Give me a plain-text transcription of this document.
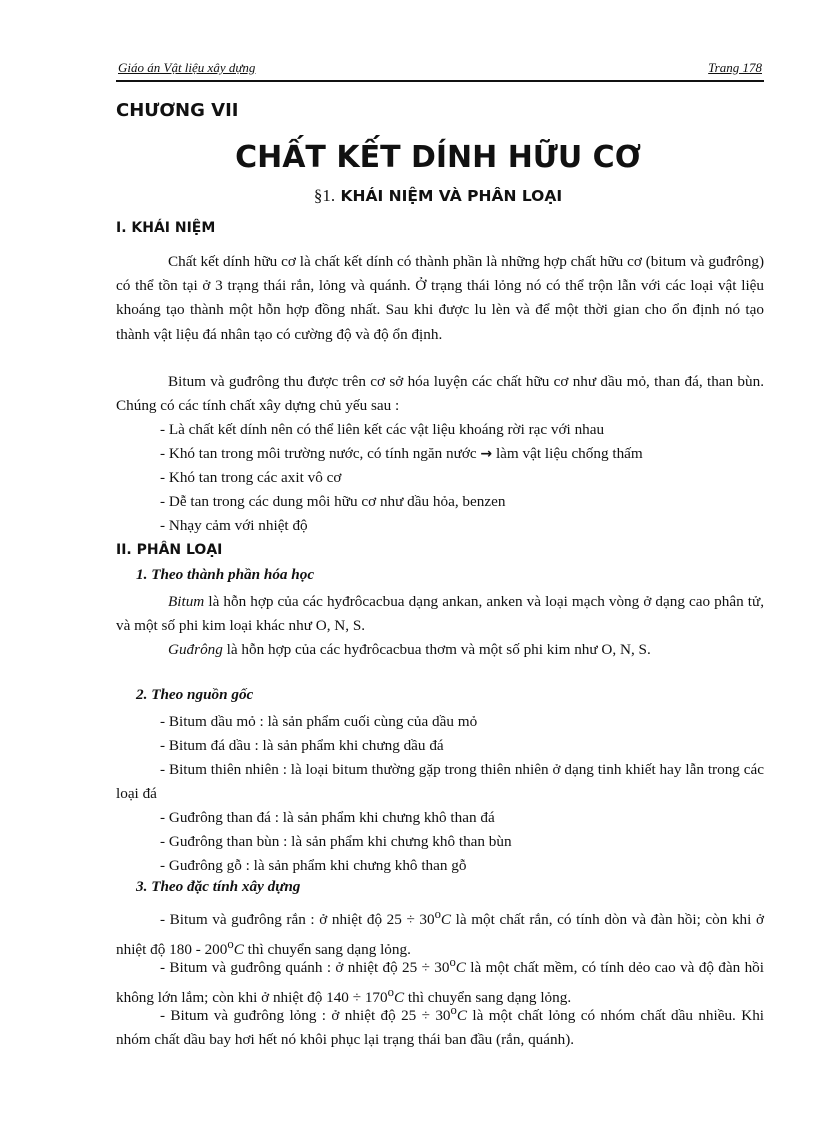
Giáo án Vật liệu xây dựng	Trang 178
CHƯƠNG VII
CHẤT KẾT DÍNH HỮU CƠ
§1. KHÁI NIỆM VÀ PHÂN LOẠI
I. KHÁI NIỆM

Chất kết dính hữu cơ là chất kết dính có thành phần là những hợp chất hữu cơ (bitum và guđrông) có thể tồn tại ở 3 trạng thái rắn, lỏng và quánh. Ở trạng thái lỏng nó có thể trộn lẫn với các loại vật liệu khoáng tạo thành một hỗn hợp đồng nhất. Sau khi được lu lèn và để một thời gian cho ổn định nó tạo thành vật liệu đá nhân tạo có cường độ và độ ổn định.

Bitum và guđrông thu được trên cơ sở hóa luyện các chất hữu cơ như dầu mỏ, than đá, than bùn. Chúng có các tính chất xây dựng chủ yếu sau :

- Là chất kết dính nên có thể liên kết các vật liệu khoáng rời rạc với nhau
- Khó tan trong môi trường nước, có tính ngăn nước → làm vật liệu chống thấm
- Khó tan trong các axit vô cơ
- Dễ tan trong các dung môi hữu cơ như dầu hỏa, benzen
- Nhạy cảm với nhiệt độ
II. PHÂN LOẠI
1. Theo thành phần hóa học

Bitum là hỗn hợp của các hyđrôcacbua dạng ankan, anken và loại mạch vòng ở dạng cao phân tử, và một số phi kim loại khác như O, N, S.

Guđrông là hỗn hợp của các hyđrôcacbua thơm và một số phi kim như O, N, S.

2. Theo nguồn gốc
- Bitum dầu mỏ : là sản phẩm cuối cùng của dầu mỏ
- Bitum đá dầu : là sản phẩm khi chưng dầu đá

- Bitum thiên nhiên : là loại bitum thường gặp trong thiên nhiên ở dạng tinh khiết hay lẫn trong các loại đá

- Guđrông than đá : là sản phẩm khi chưng khô than đá
- Guđrông than bùn : là sản phẩm khi chưng khô than bùn
- Guđrông gỗ : là sản phẩm khi chưng khô than gỗ
3. Theo đặc tính xây dựng

- Bitum và guđrông rắn : ở nhiệt độ $25 \div 30^oC$ là một chất rắn, có tính dòn và đàn hồi; còn khi ở nhiệt độ 180 - 200$^o$C thì chuyển sang dạng lỏng.

- Bitum và guđrông quánh : ở nhiệt độ $25 \div 30^oC$ là một chất mềm, có tính dẻo cao và độ đàn hồi không lớn lắm; còn khi ở nhiệt độ $140 \div 170^oC$ thì chuyển sang dạng lỏng.

- Bitum và guđrông lỏng : ở nhiệt độ $25 \div 30^oC$ là một chất lỏng có nhóm chất dầu nhiều. Khi nhóm chất dầu bay hơi hết nó khôi phục lại trạng thái ban đầu (rắn, quánh).
